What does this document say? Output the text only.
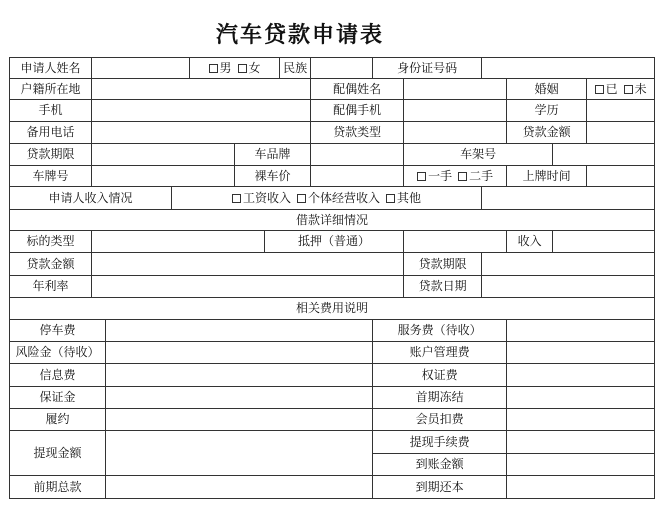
汽车贷款申请表
申请人姓名				男 女			民族		身份证号码					
户籍所在地								配偶姓名				婚姻		已 未
手机								配偶手机				学历		
备用电话								贷款类型				贷款金额		
贷款期限					车品牌					车架号				
车牌号					裸车价					一手 二手		上牌时间		
申请人收入情况			工资收入 个体经营收入 其他											
借款详细情况														
标的类型						抵押（普通）						收入		
贷款金额										贷款期限				
年利率										贷款日期				
相关费用说明														
停车费									服务费（待收）					
风险金（待收）									账户管理费					
信息费									权证费					
保证金									首期冻结					
履约									会员扣费					
提现金额									提现手续费					
									到账金额					
前期总款									到期还本					
